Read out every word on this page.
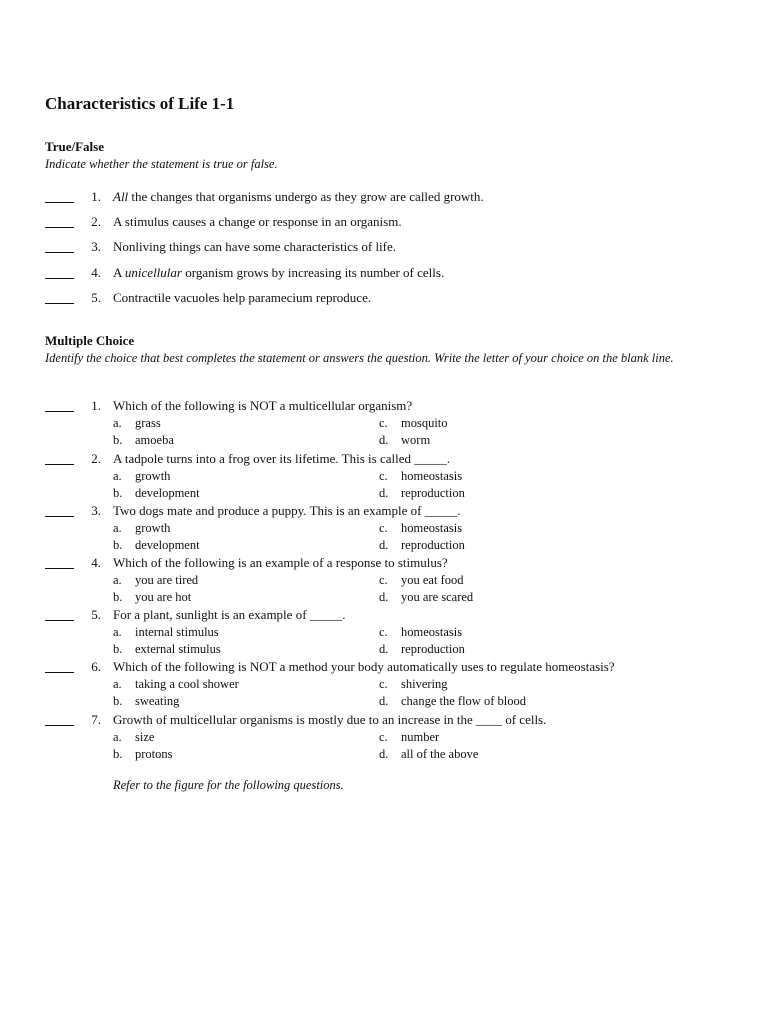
Characteristics of Life 1-1
True/False

Indicate whether the statement is true or false.

1. All the changes that organisms undergo as they grow are called growth.
2. A stimulus causes a change or response in an organism.
3. Nonliving things can have some characteristics of life.
4. A unicellular organism grows by increasing its number of cells.
5. Contractile vacuoles help paramecium reproduce.
Multiple Choice

Identify the choice that best completes the statement or answers the question. Write the letter of your choice on the blank line.

1. Which of the following is NOT a multicellular organism?
a. grass
b. amoeba
c. mosquito
d. worm
2. A tadpole turns into a frog over its lifetime. This is called _____.
a. growth
b. development
c. homeostasis
d. reproduction
3. Two dogs mate and produce a puppy. This is an example of _____.
a. growth
b. development
c. homeostasis
d. reproduction
4. Which of the following is an example of a response to stimulus?
a. you are tired
b. you are hot
c. you eat food
d. you are scared
5. For a plant, sunlight is an example of _____.
a. internal stimulus
b. external stimulus
c. homeostasis
d. reproduction
6. Which of the following is NOT a method your body automatically uses to regulate homeostasis?
a. taking a cool shower
b. sweating
c. shivering
d. change the flow of blood
7. Growth of multicellular organisms is mostly due to an increase in the ____ of cells.
a. size
b. protons
c. number
d. all of the above
Refer to the figure for the following questions.
